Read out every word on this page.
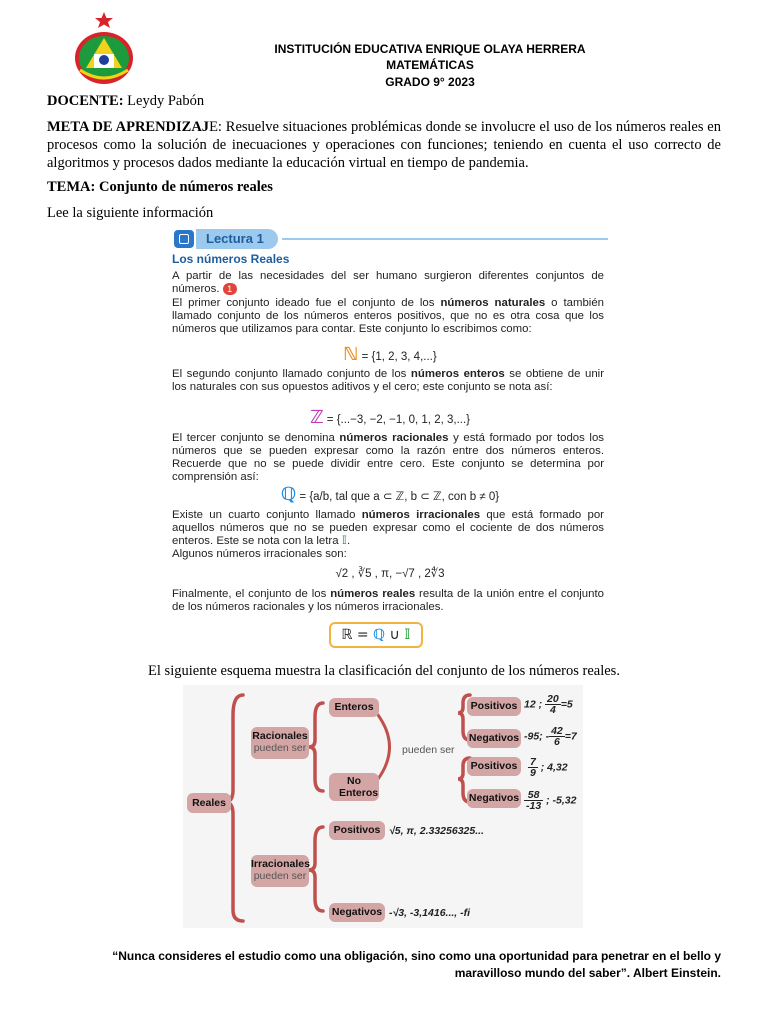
INSTITUCIÓN EDUCATIVA ENRIQUE OLAYA HERRERA
MATEMÁTICAS
GRADO 9° 2023
DOCENTE: Leydy Pabón
META DE APRENDIZAJE: Resuelve situaciones problémicas donde se involucre el uso de los números reales en procesos como la solución de inecuaciones y operaciones con funciones; teniendo en cuenta el uso correcto de algoritmos y procesos dados mediante la educación virtual en tiempo de pandemia.
TEMA: Conjunto de números reales
Lee la siguiente información
Lectura 1
Los números Reales
A partir de las necesidades del ser humano surgieron diferentes conjuntos de números. 1
El primer conjunto ideado fue el conjunto de los números naturales o también llamado conjunto de los números enteros positivos, que no es otra cosa que los números que utilizamos para contar. Este conjunto lo escribimos como:
ℕ = {1, 2, 3, 4,...}
El segundo conjunto llamado conjunto de los números enteros se obtiene de unir los naturales con sus opuestos aditivos y el cero; este conjunto se nota así:
ℤ = {...−3, −2, −1, 0, 1, 2, 3,...}
El tercer conjunto se denomina números racionales y está formado por todos los números que se pueden expresar como la razón entre dos números enteros. Recuerde que no se puede dividir entre cero. Este conjunto se determina por comprensión así:
ℚ = {a/b, tal que a ⊂ ℤ, b ⊂ ℤ, con b ≠ 0}
Existe un cuarto conjunto llamado números irracionales que está formado por aquellos números que no se pueden expresar como el cociente de dos números enteros. Este se nota con la letra 𝕀.
Algunos números irracionales son:
√2 , ∛5 , π, −√7 , 2∜3
Finalmente, el conjunto de los números reales resulta de la unión entre el conjunto de los números racionales y los números irracionales.
ℝ = ℚ ∪ 𝕀
El siguiente esquema muestra la clasificación del conjunto de los números reales.
Reales
Racionales
pueden ser
Irracionales
pueden ser
Enteros
No Enteros
pueden ser
Positivos
Negativos
Positivos
Negativos
Positivos
Negativos
12 ; $\frac{20}{4} =5$
-95; - $\frac{42}{6} =7$
$\frac{7}{9}$ ; 4,32
$\frac{58}{-13}$ ; -5,32
√5, π, 2.33256325...
-√3, -3,1416..., -fi
“Nunca consideres el estudio como una obligación, sino como una oportunidad para penetrar en el bello y
maravilloso mundo del saber”. Albert Einstein.
